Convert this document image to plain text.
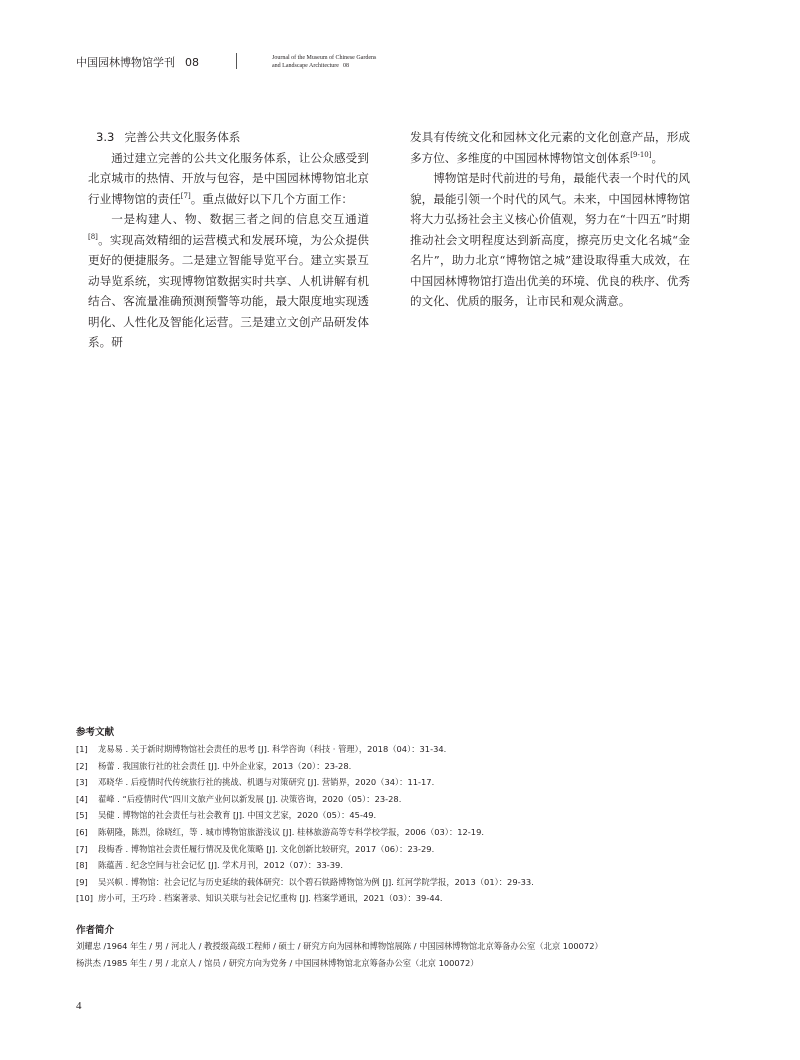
中国园林博物馆学刊 08	Journal of the Museum of Chinese Gardens
and Landscape Architecture 08
3.3 完善公共文化服务体系

通过建立完善的公共文化服务体系，让公众感受到北京城市的热情、开放与包容，是中国园林博物馆北京行业博物馆的责任[7]。重点做好以下几个方面工作：

一是构建人、物、数据三者之间的信息交互通道[8]。实现高效精细的运营模式和发展环境，为公众提供更好的便捷服务。二是建立智能导览平台。建立实景互动导览系统，实现博物馆数据实时共享、人机讲解有机结合、客流量准确预测预警等功能，最大限度地实现透明化、人性化及智能化运营。三是建立文创产品研发体系。研

发具有传统文化和园林文化元素的文化创意产品，形成多方位、多维度的中国园林博物馆文创体系[9-10]。

博物馆是时代前进的号角，最能代表一个时代的风貌，最能引领一个时代的风气。未来，中国园林博物馆将大力弘扬社会主义核心价值观，努力在“十四五”时期推动社会文明程度达到新高度，擦亮历史文化名城“金名片”，助力北京“博物馆之城”建设取得重大成效，在中国园林博物馆打造出优美的环境、优良的秩序、优秀的文化、优质的服务，让市民和观众满意。

参考文献
[1] 龙易易 . 关于新时期博物馆社会责任的思考 [J]. 科学咨询（科技 · 管理），2018（04）：31-34.
[2] 杨蕾 . 我国旅行社的社会责任 [J]. 中外企业家，2013（20）：23-28.
[3] 邓晓华 . 后疫情时代传统旅行社的挑战、机遇与对策研究 [J]. 营销界，2020（34）：11-17.
[4] 翟峰 . “后疫情时代”四川文旅产业何以新发展 [J]. 决策咨询，2020（05）：23-28.
[5] 吴健 . 博物馆的社会责任与社会教育 [J]. 中国文艺家，2020（05）：45-49.
[6] 陈朝隆，陈烈，徐晓红，等 . 城市博物馆旅游浅议 [J]. 桂林旅游高等专科学校学报，2006（03）：12-19.
[7] 段梅香 . 博物馆社会责任履行情况及优化策略 [J]. 文化创新比较研究，2017（06）：23-29.
[8] 陈蕴茜 . 纪念空间与社会记忆 [J]. 学术月刊，2012（07）：33-39.
[9] 吴兴帜 . 博物馆：社会记忆与历史延续的载体研究：以个碧石铁路博物馆为例 [J]. 红河学院学报，2013（01）：29-33.
[10] 房小可，王巧玲 . 档案著录、知识关联与社会记忆重构 [J]. 档案学通讯，2021（03）：39-44.
作者简介

刘耀忠 /1964 年生 / 男 / 河北人 / 教授级高级工程师 / 硕士 / 研究方向为园林和博物馆展陈 / 中国园林博物馆北京筹备办公室（北京 100072）

杨洪杰 /1985 年生 / 男 / 北京人 / 馆员 / 研究方向为党务 / 中国园林博物馆北京筹备办公室（北京 100072）

4
